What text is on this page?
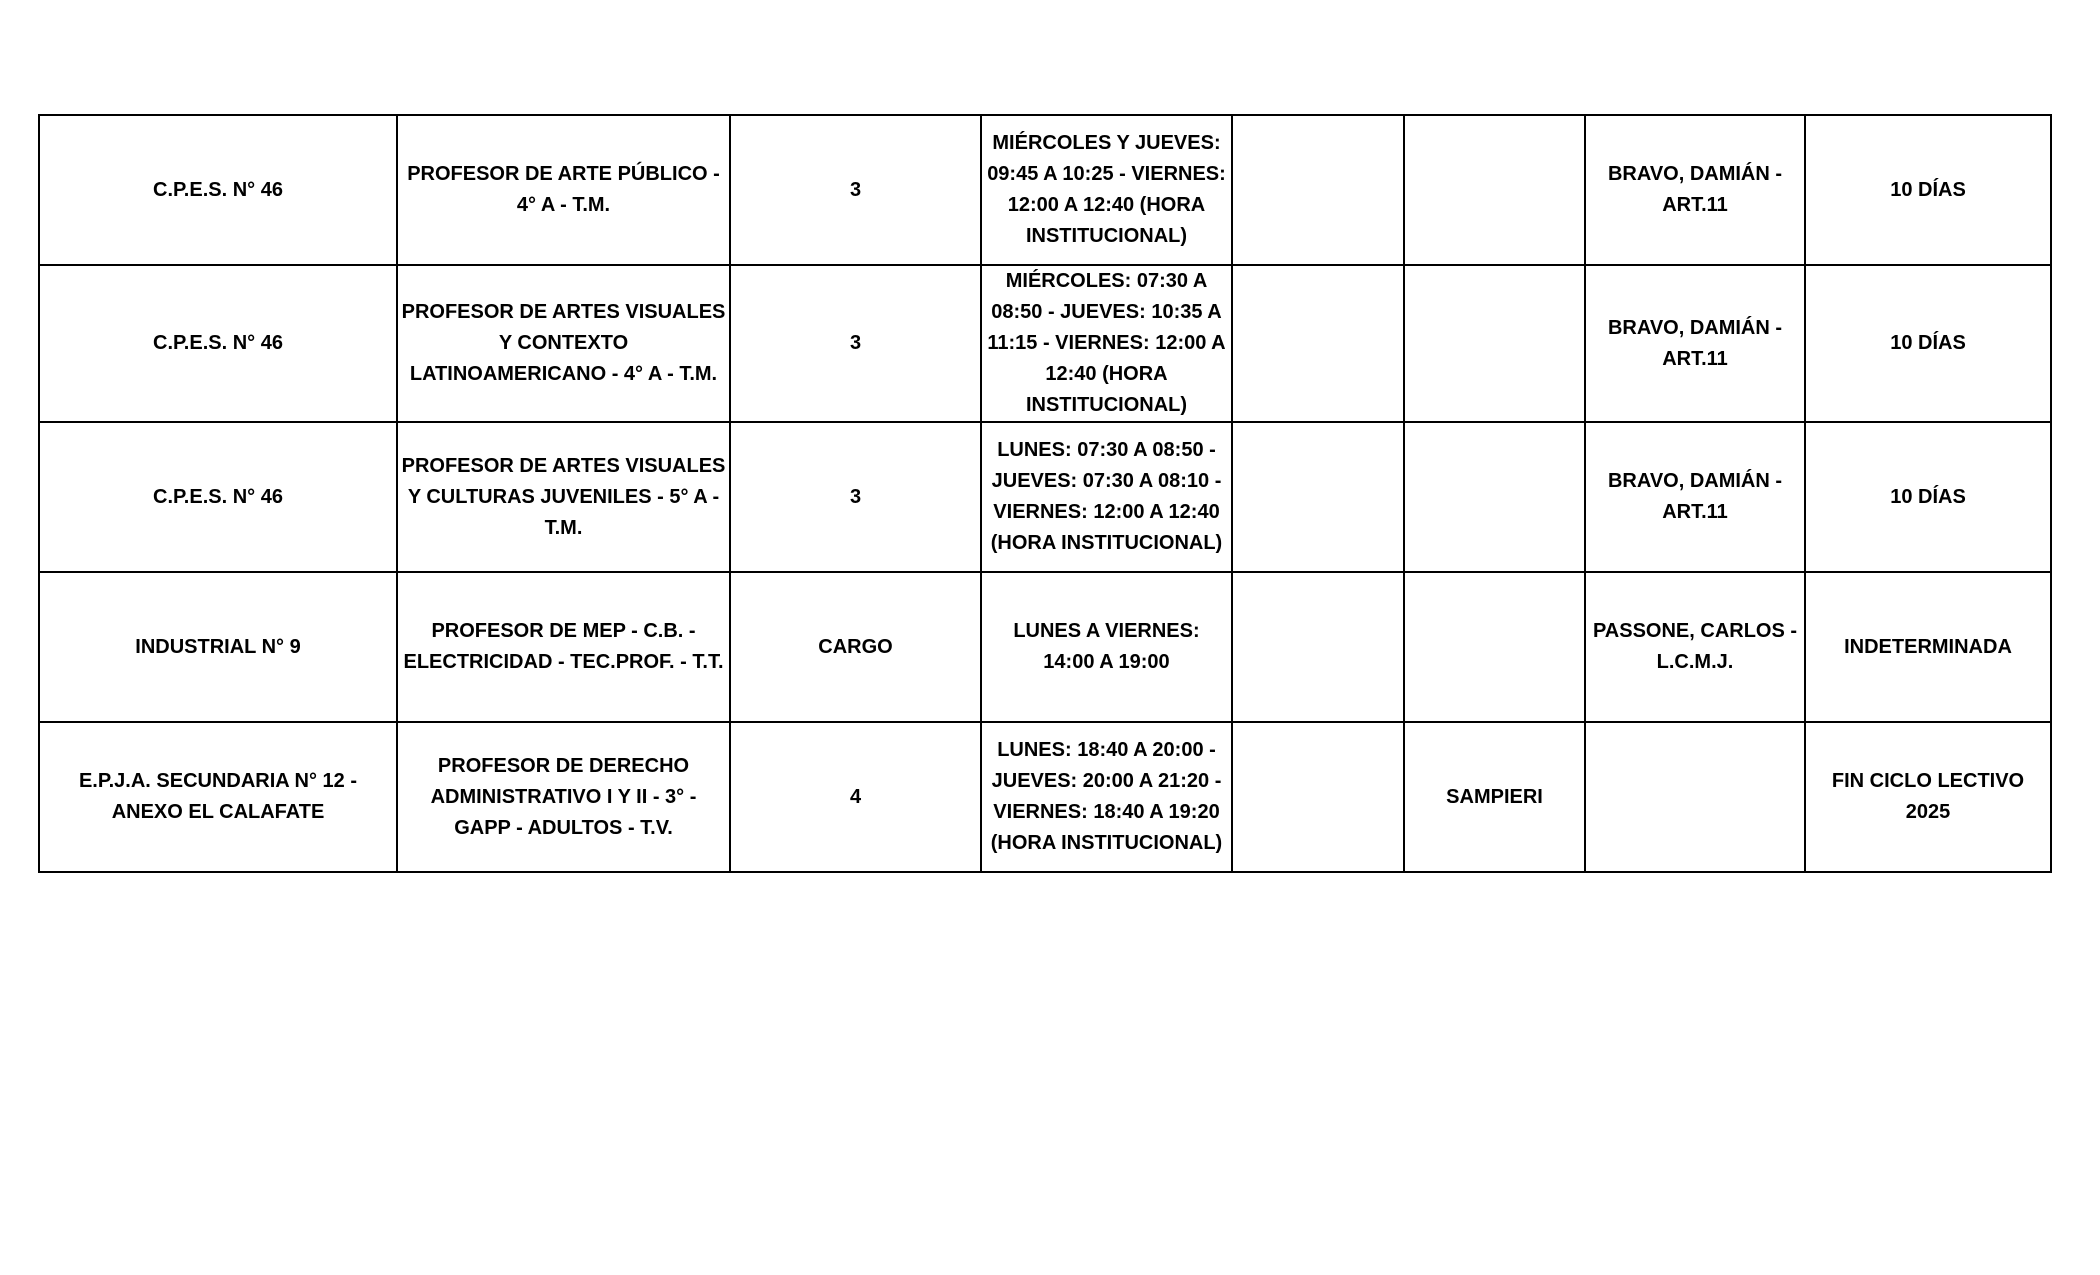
C.P.E.S. N° 46	PROFESOR DE ARTE PÚBLICO - 4° A - T.M.	3	MIÉRCOLES Y JUEVES: 09:45 A 10:25 - VIERNES: 12:00 A 12:40 (HORA INSTITUCIONAL)			BRAVO, DAMIÁN - ART.11	10 DÍAS
C.P.E.S. N° 46	PROFESOR DE ARTES VISUALES Y CONTEXTO LATINOAMERICANO - 4° A - T.M.	3	MIÉRCOLES: 07:30 A 08:50 - JUEVES: 10:35 A 11:15 - VIERNES: 12:00 A 12:40 (HORA INSTITUCIONAL)			BRAVO, DAMIÁN - ART.11	10 DÍAS
C.P.E.S. N° 46	PROFESOR DE ARTES VISUALES Y CULTURAS JUVENILES - 5° A - T.M.	3	LUNES: 07:30 A 08:50 - JUEVES: 07:30 A 08:10 - VIERNES: 12:00 A 12:40 (HORA INSTITUCIONAL)			BRAVO, DAMIÁN - ART.11	10 DÍAS
INDUSTRIAL N° 9	PROFESOR DE MEP - C.B. - ELECTRICIDAD - TEC.PROF. - T.T.	CARGO	LUNES A VIERNES: 14:00 A 19:00			PASSONE, CARLOS - L.C.M.J.	INDETERMINADA
E.P.J.A. SECUNDARIA N° 12 - ANEXO EL CALAFATE	PROFESOR DE DERECHO ADMINISTRATIVO I Y II - 3° - GAPP - ADULTOS - T.V.	4	LUNES: 18:40 A 20:00 - JUEVES: 20:00 A 21:20 - VIERNES: 18:40 A 19:20 (HORA INSTITUCIONAL)		SAMPIERI		FIN CICLO LECTIVO 2025
